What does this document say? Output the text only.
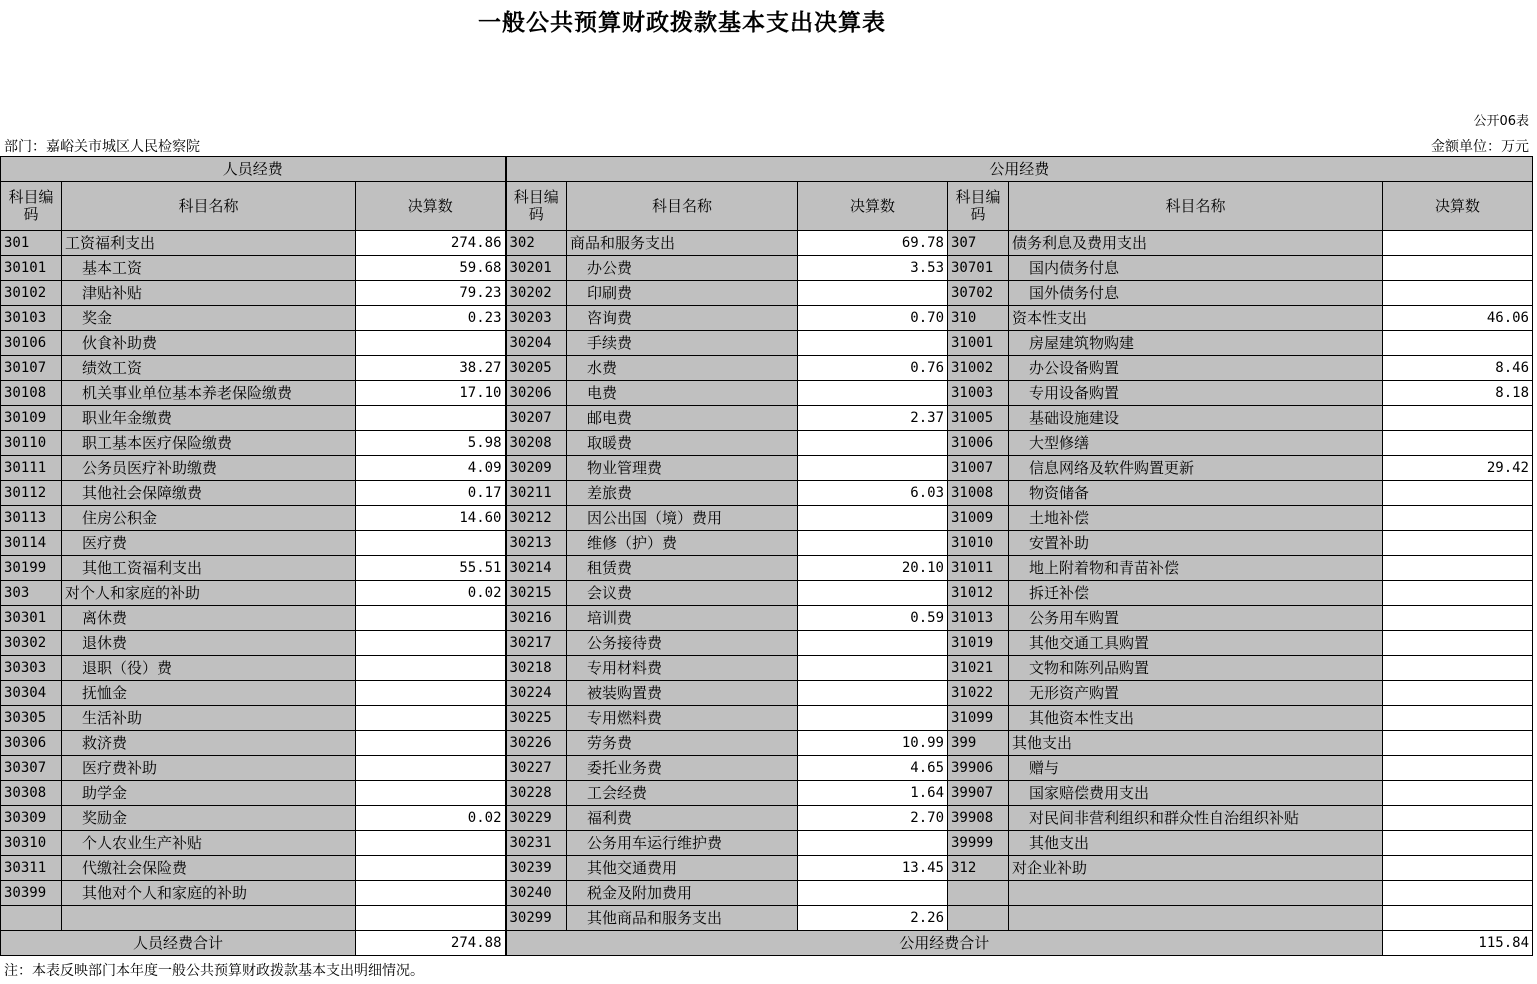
一般公共预算财政拨款基本支出决算表
公开06表
部门：嘉峪关市城区人民检察院	金额单位：万元
人员经费			公用经费					
科目编码	科目名称	决算数	科目编码	科目名称	决算数	科目编码	科目名称	决算数
301	工资福利支出	274.86	302	商品和服务支出	69.78	307	债务利息及费用支出	
30101	基本工资	59.68	30201	办公费	3.53	30701	国内债务付息	
30102	津贴补贴	79.23	30202	印刷费		30702	国外债务付息	
30103	奖金	0.23	30203	咨询费	0.70	310	资本性支出	46.06
30106	伙食补助费		30204	手续费		31001	房屋建筑物购建	
30107	绩效工资	38.27	30205	水费	0.76	31002	办公设备购置	8.46
30108	机关事业单位基本养老保险缴费	17.10	30206	电费		31003	专用设备购置	8.18
30109	职业年金缴费		30207	邮电费	2.37	31005	基础设施建设	
30110	职工基本医疗保险缴费	5.98	30208	取暖费		31006	大型修缮	
30111	公务员医疗补助缴费	4.09	30209	物业管理费		31007	信息网络及软件购置更新	29.42
30112	其他社会保障缴费	0.17	30211	差旅费	6.03	31008	物资储备	
30113	住房公积金	14.60	30212	因公出国（境）费用		31009	土地补偿	
30114	医疗费		30213	维修（护）费		31010	安置补助	
30199	其他工资福利支出	55.51	30214	租赁费	20.10	31011	地上附着物和青苗补偿	
303	对个人和家庭的补助	0.02	30215	会议费		31012	拆迁补偿	
30301	离休费		30216	培训费	0.59	31013	公务用车购置	
30302	退休费		30217	公务接待费		31019	其他交通工具购置	
30303	退职（役）费		30218	专用材料费		31021	文物和陈列品购置	
30304	抚恤金		30224	被装购置费		31022	无形资产购置	
30305	生活补助		30225	专用燃料费		31099	其他资本性支出	
30306	救济费		30226	劳务费	10.99	399	其他支出	
30307	医疗费补助		30227	委托业务费	4.65	39906	赠与	
30308	助学金		30228	工会经费	1.64	39907	国家赔偿费用支出	
30309	奖励金	0.02	30229	福利费	2.70	39908	对民间非营利组织和群众性自治组织补贴	
30310	个人农业生产补贴		30231	公务用车运行维护费		39999	其他支出	
30311	代缴社会保险费		30239	其他交通费用	13.45	312	对企业补助	
30399	其他对个人和家庭的补助		30240	税金及附加费用				
			30299	其他商品和服务支出	2.26			
人员经费合计		274.88	公用经费合计					115.84
注：本表反映部门本年度一般公共预算财政拨款基本支出明细情况。
